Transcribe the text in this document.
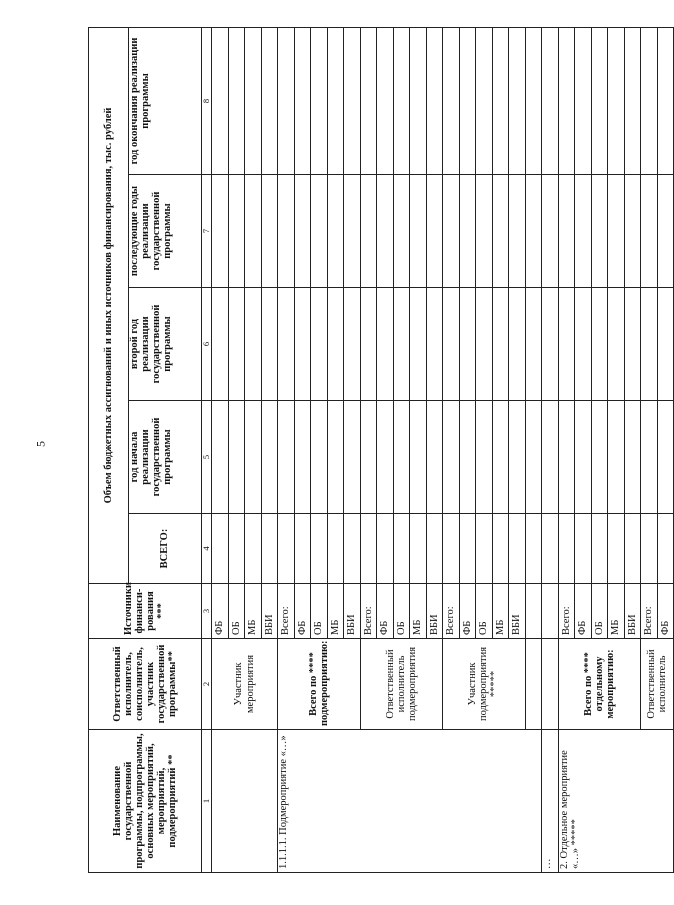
5
Наименование государственной программы, подпрограммы, основных мероприятий, мероприятий, подмероприятий **	Ответственный исполнитель, соисполнитель, участник государственной программы**	Источники финанси- рования ***	Объем бюджетных ассигнований и иных источников финансирования, тыс. рублей				
			ВСЕГО:	год начала реализации государственной программы	второй год реализации государственной программы	последующие годы реализации государственной программы	год окончания реализации программы
1	2	3	4	5	6	7	8
	Участник мероприятия	ФБ					
		ОБ					
		МБ					
		ВБИ					
1.1.1.1. Подмероприятие «…»	Всего по **** подмероприятию:	Всего:					
		ФБ					
		ОБ					
		МБ					
		ВБИ					
	Ответственный исполнитель подмероприятия	Всего:					
		ФБ					
		ОБ					
		МБ					
		ВБИ					
	Участник подмероприятия *****	Всего:					
		ФБ					
		ОБ					
		МБ					
		ВБИ					

…							
2. Отдельное мероприятие «…» *****	Всего по **** отдельному мероприятию:	Всего:					
		ФБ					
		ОБ					
		МБ					
		ВБИ					
	Ответственный исполнитель	Всего:					
		ФБ					
